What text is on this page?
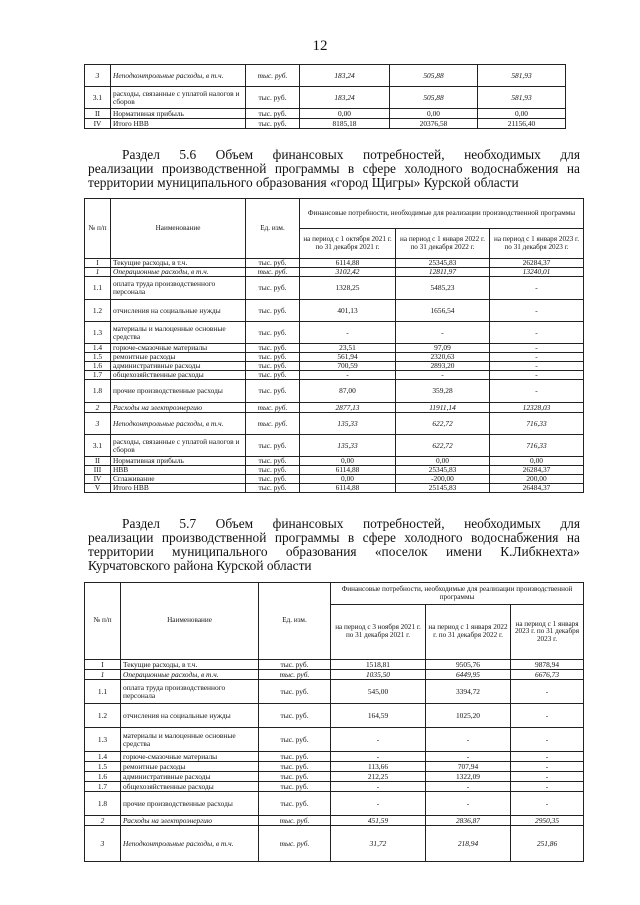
12
3	Неподконтрольные расходы, в т.ч.	тыс. руб.	183,24	505,88	581,93
3.1	расходы, связанные с уплатой налогов и сборов	тыс. руб.	183,24	505,88	581,93
II	Нормативная прибыль	тыс. руб.	0,00	0,00	0,00
IV	Итого НВВ	тыс. руб.	8185,18	20376,58	21156,40
Раздел 5.6 Объем финансовых потребностей, необходимых для
реализации производственной программы в сфере холодного водоснабжения на
территории муниципального образования «город Щигры» Курской области
№ п/п	Наименование	Ед. изм.	Финансовые потребности, необходимые для реализации производственной программы		
			на период с 1 октября 2021 г. по 31 декабря 2021 г.	на период с 1 января 2022 г. по 31 декабря 2022 г.	на период с 1 января 2023 г. по 31 декабря 2023 г.
I	Текущие расходы, в т.ч.	тыс. руб.	6114,88	25345,83	26284,37
1	Операционные расходы, в т.ч.	тыс. руб.	3102,42	12811,97	13240,01
1.1	оплата труда производственного персонала	тыс. руб.	1328,25	5485,23	-
1.2	отчисления на социальные нужды	тыс. руб.	401,13	1656,54	-
1.3	материалы и малоценные основные средства	тыс. руб.	-	-	-
1.4	горюче-смазочные материалы	тыс. руб.	23,51	97,09	-
1.5	ремонтные расходы	тыс. руб.	561,94	2320,63	-
1.6	административные расходы	тыс. руб.	700,59	2893,20	-
1.7	общехозяйственные расходы	тыс. руб.	-	-	-
1.8	прочие производственные расходы	тыс. руб.	87,00	359,28	-
2	Расходы на электроэнергию	тыс. руб.	2877,13	11911,14	12328,03
3	Неподконтрольные расходы, в т.ч.	тыс. руб.	135,33	622,72	716,33
3.1	расходы, связанные с уплатой налогов и сборов	тыс. руб.	135,33	622,72	716,33
II	Нормативная прибыль	тыс. руб.	0,00	0,00	0,00
III	НВВ	тыс. руб.	6114,88	25345,83	26284,37
IV	Сглаживание	тыс. руб.	0,00	-200,00	200,00
V	Итого НВВ	тыс. руб.	6114,88	25145,83	26484,37
Раздел 5.7 Объем финансовых потребностей, необходимых для
реализации производственной программы в сфере холодного водоснабжения на
территории муниципального образования «поселок имени К.Либкнехта»
Курчатовского района Курской области
№ п/п	Наименование	Ед. изм.	Финансовые потребности, необходимые для реализации производственной программы		
			на период с 3 ноября 2021 г. по 31 декабря 2021 г.	на период с 1 января 2022 г. по 31 декабря 2022 г.	на период с 1 января 2023 г. по 31 декабря 2023 г.
I	Текущие расходы, в т.ч.	тыс. руб.	1518,81	9505,76	9878,94
1	Операционные расходы, в т.ч.	тыс. руб.	1035,50	6449,95	6676,73
1.1	оплата труда производственного персонала	тыс. руб.	545,00	3394,72	-
1.2	отчисления на социальные нужды	тыс. руб.	164,59	1025,20	-
1.3	материалы и малоценные основные средства	тыс. руб.	-	-	-
1.4	горюче-смазочные материалы	тыс. руб.	-	-	-
1.5	ремонтные расходы	тыс. руб.	113,66	707,94	-
1.6	административные расходы	тыс. руб.	212,25	1322,09	-
1.7	общехозяйственные расходы	тыс. руб.	-	-	-
1.8	прочие производственные расходы	тыс. руб.	-	-	-
2	Расходы на электроэнергию	тыс. руб.	451,59	2836,87	2950,35
3	Неподконтрольные расходы, в т.ч.	тыс. руб.	31,72	218,94	251,86
